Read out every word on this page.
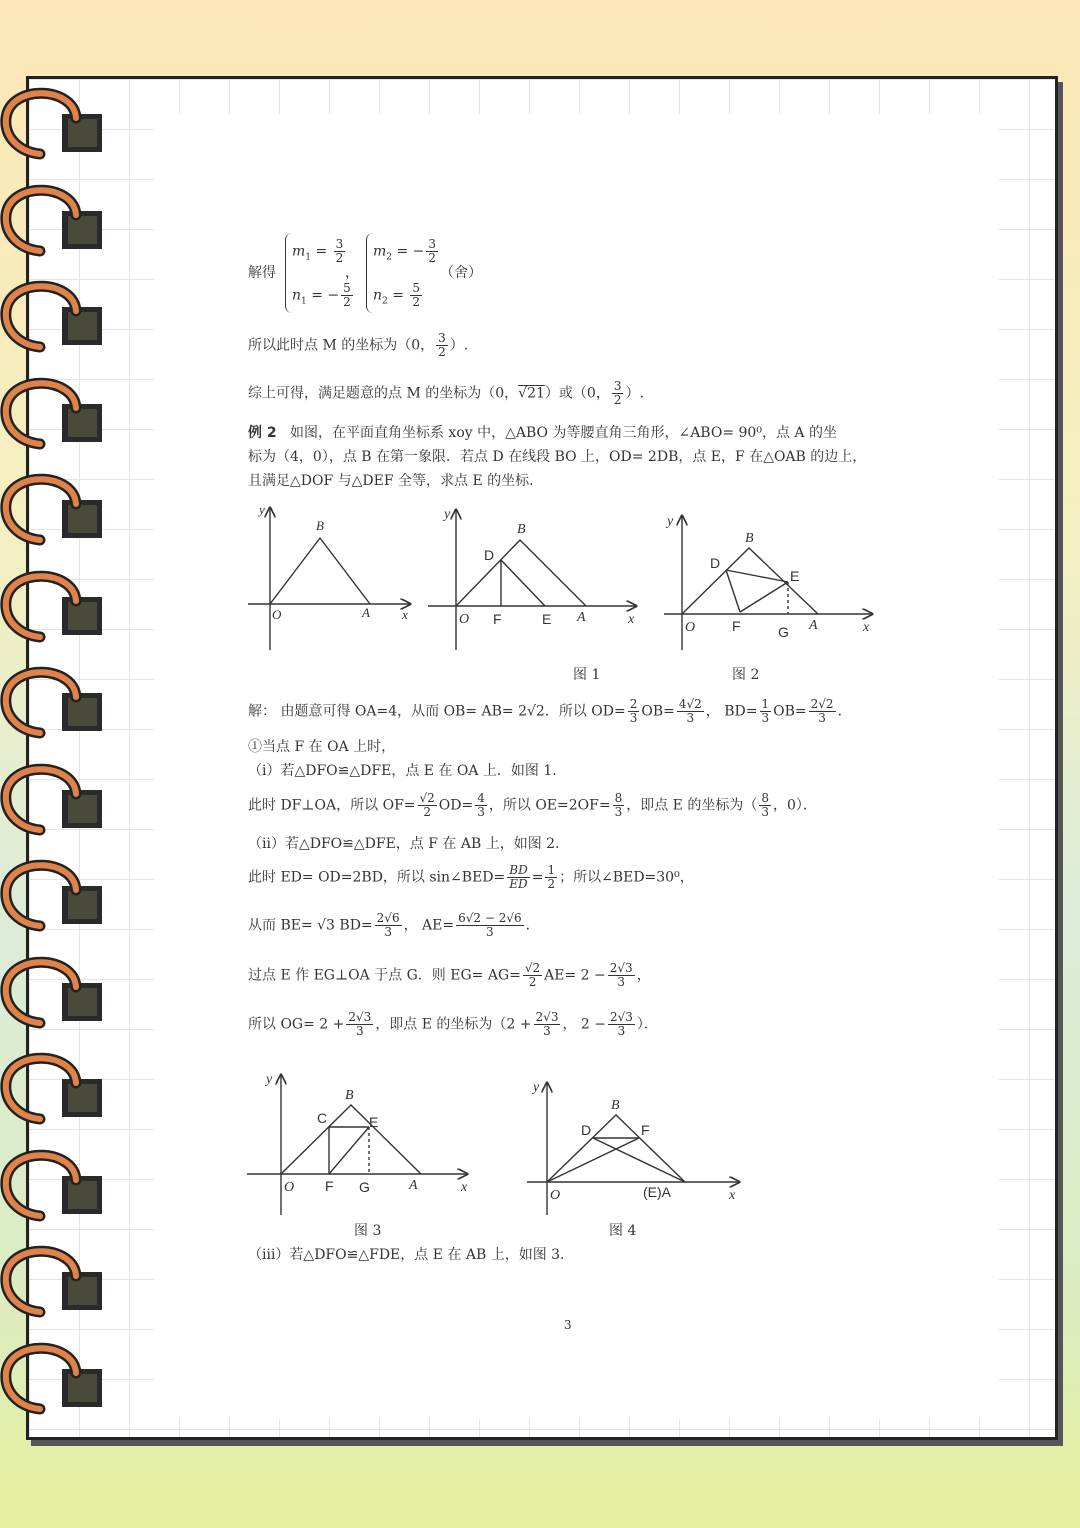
解得
$m_1 = \frac{3}{2}$
$n_1$ = − $\frac{5}{2}$
，
$m_2$ = − $\frac{3}{2}$
$n_2 = \frac{5}{2}$
（舍）
所以此时点 M 的坐标为（0， $\frac{3}{2}$ ）.
综上可得，满足题意的点 M 的坐标为（0，√21）或（0， $\frac{3}{2}$ ）.
例 2 如图，在平面直角坐标系 xoy 中，△ABO 为等腰直角三角形，∠ABO= 90⁰，点 A 的坐
标为（4，0），点 B 在第一象限．若点 D 在线段 BO 上，OD= 2DB，点 E，F 在△OAB 的边上，
且满足△DOF 与△DEF 全等，求点 E 的坐标．
y
x
O	A
B
y
x
O
B
D
F	E A
y
x
O
B
D
E
F	G A
图 1	图 2
解： 由题意可得 OA=4，从而 OB= AB= 2√2．所以 $OD= \frac{2}{3} OB= \frac{4√2}{3}$ ， $BD= \frac{1}{3} OB= \frac{2√2}{3}$ ．
①当点 F 在 OA 上时，
（ⅰ）若△DFO≌△DFE，点 E 在 OA 上．如图 1．
此时 DF⊥OA，所以 $OF= \frac{√2}{2} OD= \frac{4}{3}$ ，所以 $OE=2OF= \frac{8}{3}$ ，即点 E 的坐标为（ $\frac{8}{3}$ ，0）．
（ⅱ）若△DFO≌△DFE，点 F 在 AB 上，如图 2．
此时 ED= OD=2BD，所以 sin∠BED= $\frac{BD}{ED} = \frac{1}{2}$ ；所以∠BED=30⁰，
从而 BE= √3 $BD= \frac{2√6}{3}$ ， $AE= \frac{6√2 - 2√6}{3}$ ．
过点 E 作 EG⊥OA 于点 G．则 $EG= AG= \frac{√2}{2} AE= 2 - \frac{2√3}{3}$ ，
所以 $OG= 2 + \frac{2√3}{3}$ ，即点 E 的坐标为（$2 + \frac{2√3}{3}$ ， $2 - \frac{2√3}{3}$ ）．
y
x
O
B
C	E
F G	A
y
x
O
B
D	F
(E)A
图 3	图 4
（ⅲ）若△DFO≌△FDE，点 E 在 AB 上，如图 3．
3
